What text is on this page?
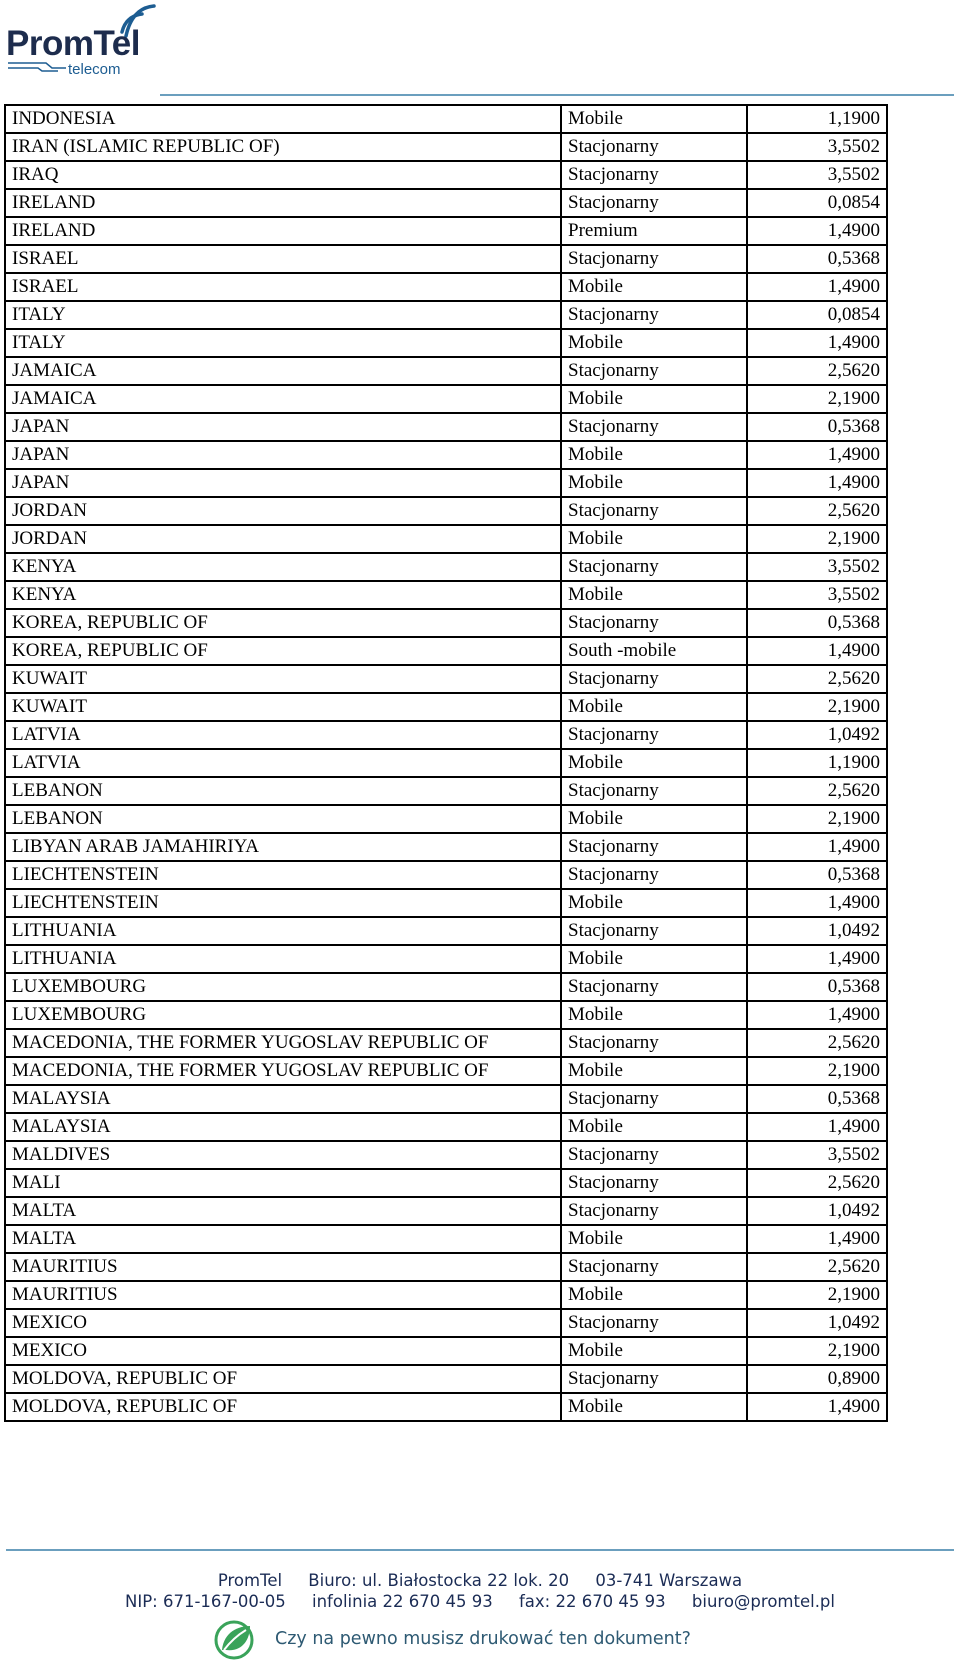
PromTel
telecom
INDONESIA	Mobile	1,1900
IRAN (ISLAMIC REPUBLIC OF)	Stacjonarny	3,5502
IRAQ	Stacjonarny	3,5502
IRELAND	Stacjonarny	0,0854
IRELAND	Premium	1,4900
ISRAEL	Stacjonarny	0,5368
ISRAEL	Mobile	1,4900
ITALY	Stacjonarny	0,0854
ITALY	Mobile	1,4900
JAMAICA	Stacjonarny	2,5620
JAMAICA	Mobile	2,1900
JAPAN	Stacjonarny	0,5368
JAPAN	Mobile	1,4900
JAPAN	Mobile	1,4900
JORDAN	Stacjonarny	2,5620
JORDAN	Mobile	2,1900
KENYA	Stacjonarny	3,5502
KENYA	Mobile	3,5502
KOREA, REPUBLIC OF	Stacjonarny	0,5368
KOREA, REPUBLIC OF	South -mobile	1,4900
KUWAIT	Stacjonarny	2,5620
KUWAIT	Mobile	2,1900
LATVIA	Stacjonarny	1,0492
LATVIA	Mobile	1,1900
LEBANON	Stacjonarny	2,5620
LEBANON	Mobile	2,1900
LIBYAN ARAB JAMAHIRIYA	Stacjonarny	1,4900
LIECHTENSTEIN	Stacjonarny	0,5368
LIECHTENSTEIN	Mobile	1,4900
LITHUANIA	Stacjonarny	1,0492
LITHUANIA	Mobile	1,4900
LUXEMBOURG	Stacjonarny	0,5368
LUXEMBOURG	Mobile	1,4900
MACEDONIA, THE FORMER YUGOSLAV REPUBLIC OF	Stacjonarny	2,5620
MACEDONIA, THE FORMER YUGOSLAV REPUBLIC OF	Mobile	2,1900
MALAYSIA	Stacjonarny	0,5368
MALAYSIA	Mobile	1,4900
MALDIVES	Stacjonarny	3,5502
MALI	Stacjonarny	2,5620
MALTA	Stacjonarny	1,0492
MALTA	Mobile	1,4900
MAURITIUS	Stacjonarny	2,5620
MAURITIUS	Mobile	2,1900
MEXICO	Stacjonarny	1,0492
MEXICO	Mobile	2,1900
MOLDOVA, REPUBLIC OF	Stacjonarny	0,8900
MOLDOVA, REPUBLIC OF	Mobile	1,4900
PromTel     Biuro: ul. Białostocka 22 lok. 20     03-741 Warszawa
NIP: 671-167-00-05     infolinia 22 670 45 93     fax: 22 670 45 93     biuro@promtel.pl
Czy na pewno musisz drukować ten dokument?
